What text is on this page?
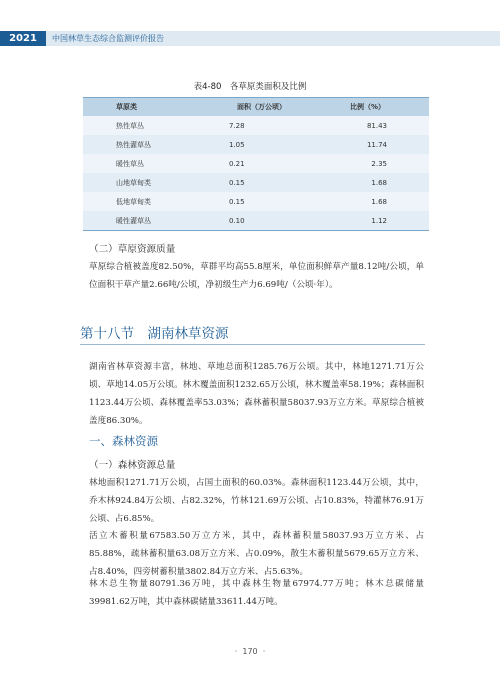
2021	中国林草生态综合监测评价报告
表4-80　各草原类面积及比例
草原类	面积（万公顷）	比例（%）
热性草丛	7.28	81.43
热性灌草丛	1.05	11.74
暖性草丛	0.21	2.35
山地草甸类	0.15	1.68
低地草甸类	0.15	1.68
暖性灌草丛	0.10	1.12
（二）草原资源质量
草原综合植被盖度82.50%，草群平均高55.8厘米，单位面积鲜草产量8.12吨/公顷，单位面积干草产量2.66吨/公顷，净初级生产力6.69吨/（公顷·年）。
第十八节　湖南林草资源
湖南省林草资源丰富，林地、草地总面积1285.76万公顷。其中，林地1271.71万公顷、草地14.05万公顷。林木覆盖面积1232.65万公顷，林木覆盖率58.19%；森林面积1123.44万公顷、森林覆盖率53.03%；森林蓄积量58037.93万立方米。草原综合植被盖度86.30%。
一、森林资源
（一）森林资源总量
林地面积1271.71万公顷，占国土面积的60.03%。森林面积1123.44万公顷，其中，乔木林924.84万公顷、占82.32%，竹林121.69万公顷、占10.83%，特灌林76.91万公顷、占6.85%。
活立木蓄积量67583.50万立方米，其中，森林蓄积量58037.93万立方米、占85.88%，疏林蓄积量63.08万立方米、占0.09%，散生木蓄积量5679.65万立方米、占8.40%，四旁树蓄积量3802.84万立方米、占5.63%。
林木总生物量80791.36万吨，其中森林生物量67974.77万吨；林木总碳储量39981.62万吨，其中森林碳储量33611.44万吨。
·  170  ·
